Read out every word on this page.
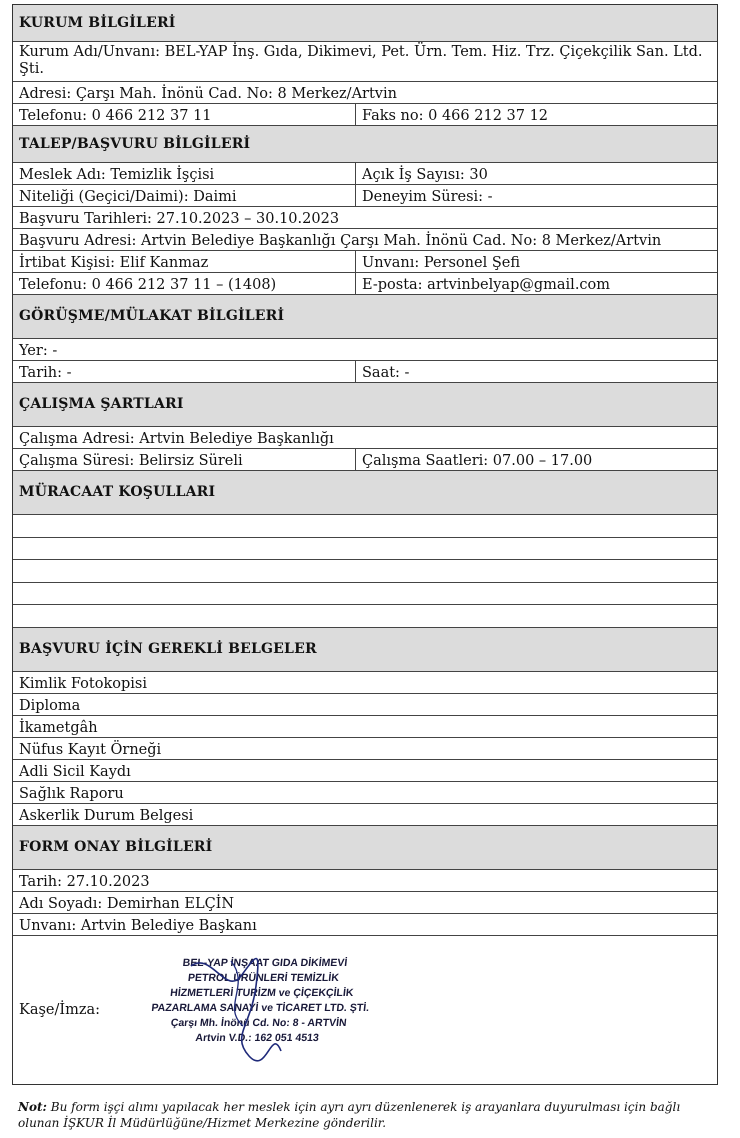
KURUM BİLGİLERİ
Kurum Adı/Unvanı: BEL-YAP İnş. Gıda, Dikimevi, Pet. Ürn. Tem. Hiz. Trz. Çiçekçilik San. Ltd. Şti.
Adresi: Çarşı Mah. İnönü Cad. No: 8 Merkez/Artvin
Telefonu: 0 466 212 37 11	Faks no: 0 466 212 37 12
TALEP/BAŞVURU BİLGİLERİ
Meslek Adı: Temizlik İşçisi	Açık İş Sayısı: 30
Niteliği (Geçici/Daimi): Daimi	Deneyim Süresi: -
Başvuru Tarihleri: 27.10.2023 – 30.10.2023
Başvuru Adresi: Artvin Belediye Başkanlığı Çarşı Mah. İnönü Cad. No: 8 Merkez/Artvin
İrtibat Kişisi: Elif Kanmaz	Unvanı: Personel Şefi
Telefonu: 0 466 212 37 11 – (1408)	E-posta: artvinbelyap@gmail.com
GÖRÜŞME/MÜLAKAT BİLGİLERİ
Yer: -
Tarih: -	Saat: -
ÇALIŞMA ŞARTLARI
Çalışma Adresi: Artvin Belediye Başkanlığı
Çalışma Süresi: Belirsiz Süreli	Çalışma Saatleri: 07.00 – 17.00
MÜRACAAT KOŞULLARI
BAŞVURU İÇİN GEREKLİ BELGELER
Kimlik Fotokopisi
Diploma
İkametgâh
Nüfus Kayıt Örneği
Adli Sicil Kaydı
Sağlık Raporu
Askerlik Durum Belgesi
FORM ONAY BİLGİLERİ
Tarih: 27.10.2023
Adı Soyadı: Demirhan ELÇİN
Unvanı: Artvin Belediye Başkanı
Kaşe/İmza:
BEL-YAP İNŞAAT GIDA DİKİMEVİ
PETROL ÜRÜNLERİ TEMİZLİK
HİZMETLERİ TURİZM ve ÇİÇEKÇİLİK
PAZARLAMA SANAYİ ve TİCARET LTD. ŞTİ.
Çarşı Mh. İnönü Cd. No: 8 - ARTVİN
Artvin V.D.: 162 051 4513
Not: Bu form işçi alımı yapılacak her meslek için ayrı ayrı düzenlenerek iş arayanlara duyurulması için bağlı olunan İŞKUR İl Müdürlüğüne/Hizmet Merkezine gönderilir.
